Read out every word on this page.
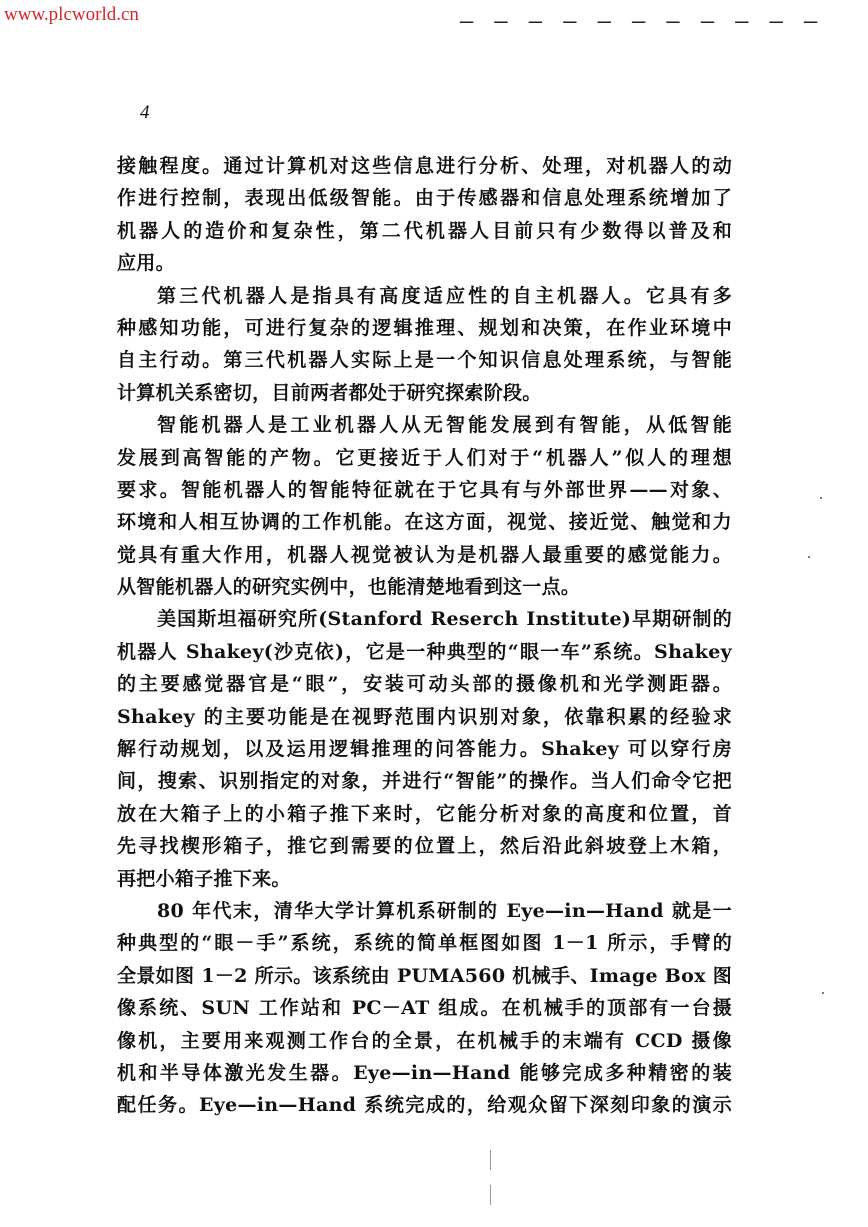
www.plcworld.cn	— — — — — — — — — — —
4
接触程度。通过计算机对这些信息进行分析、处理，对机器人的动
作进行控制，表现出低级智能。由于传感器和信息处理系统增加了
机器人的造价和复杂性，第二代机器人目前只有少数得以普及和
应用。
第三代机器人是指具有高度适应性的自主机器人。它具有多
种感知功能，可进行复杂的逻辑推理、规划和决策，在作业环境中
自主行动。第三代机器人实际上是一个知识信息处理系统，与智能
计算机关系密切，目前两者都处于研究探索阶段。
智能机器人是工业机器人从无智能发展到有智能，从低智能
发展到高智能的产物。它更接近于人们对于“机器人”似人的理想
要求。智能机器人的智能特征就在于它具有与外部世界——对象、
环境和人相互协调的工作机能。在这方面，视觉、接近觉、触觉和力
觉具有重大作用，机器人视觉被认为是机器人最重要的感觉能力。
从智能机器人的研究实例中，也能清楚地看到这一点。
美国斯坦福研究所(Stanford Reserch Institute)早期研制的
机器人 Shakey(沙克依)，它是一种典型的“眼一车”系统。Shakey
的主要感觉器官是“眼”，安装可动头部的摄像机和光学测距器。
Shakey 的主要功能是在视野范围内识别对象，依靠积累的经验求
解行动规划，以及运用逻辑推理的问答能力。Shakey 可以穿行房
间，搜索、识别指定的对象，并进行“智能”的操作。当人们命令它把
放在大箱子上的小箱子推下来时，它能分析对象的高度和位置，首
先寻找楔形箱子，推它到需要的位置上，然后沿此斜坡登上木箱，
再把小箱子推下来。
80 年代末，清华大学计算机系研制的 Eye—in—Hand 就是一
种典型的“眼－手”系统，系统的简单框图如图 1－1 所示，手臂的
全景如图 1－2 所示。该系统由 PUMA560 机械手、Image Box 图
像系统、SUN 工作站和 PC－AT 组成。在机械手的顶部有一台摄
像机，主要用来观测工作台的全景，在机械手的末端有 CCD 摄像
机和半导体激光发生器。Eye—in—Hand 能够完成多种精密的装
配任务。Eye—in—Hand 系统完成的，给观众留下深刻印象的演示
